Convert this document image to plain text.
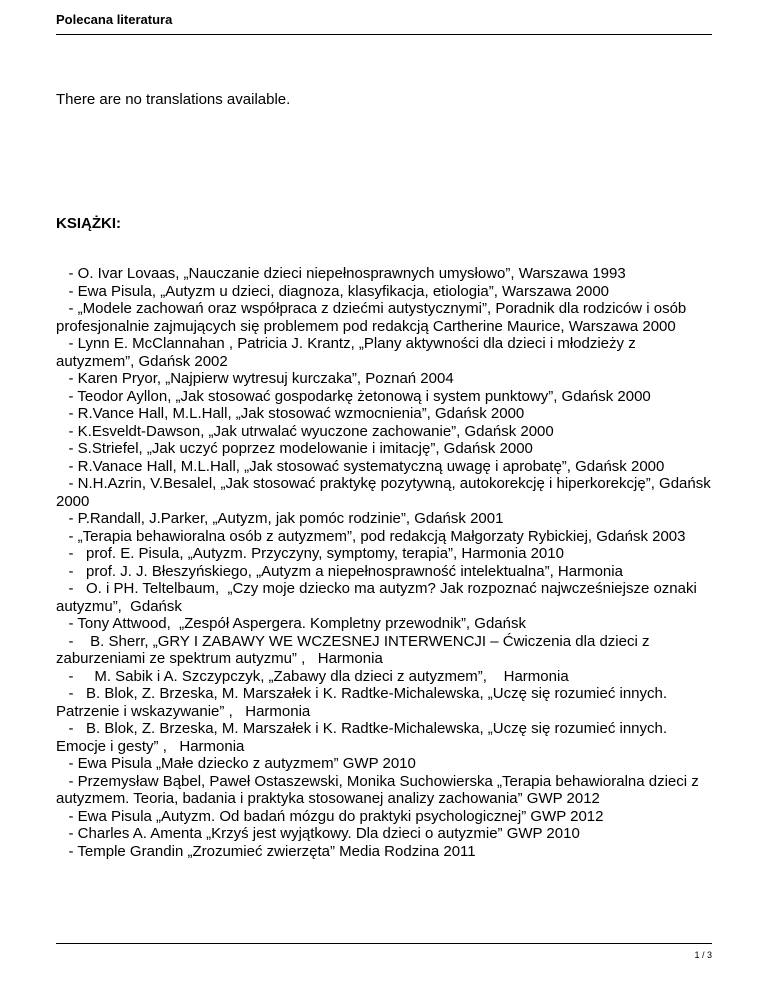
Polecana literatura
There are no translations available.
KSIĄŻKI:
- O. Ivar Lovaas, „Nauczanie dzieci niepełnosprawnych umysłowo”, Warszawa 1993
- Ewa Pisula, „Autyzm u dzieci, diagnoza, klasyfikacja, etiologia”, Warszawa 2000
- „Modele zachowań oraz współpraca z dziećmi autystycznymi”, Poradnik dla rodziców i osób profesjonalnie zajmujących się problemem pod redakcją Cartherine Maurice, Warszawa 2000
- Lynn E. McClannahan , Patricia J. Krantz, „Plany aktywności dla dzieci i młodzieży z autyzmem”, Gdańsk 2002
- Karen Pryor, „Najpierw wytresuj kurczaka”, Poznań 2004
- Teodor Ayllon, „Jak stosować gospodarkę żetonową i system punktowy”, Gdańsk 2000
- R.Vance Hall, M.L.Hall, „Jak stosować wzmocnienia”, Gdańsk 2000
- K.Esveldt-Dawson, „Jak utrwalać wyuczone zachowanie”, Gdańsk 2000
- S.Striefel, „Jak uczyć poprzez modelowanie i imitację”, Gdańsk 2000
- R.Vanace Hall, M.L.Hall, „Jak stosować systematyczną uwagę i aprobatę”, Gdańsk 2000
- N.H.Azrin, V.Besalel, „Jak stosować praktykę pozytywną, autokorekcję i hiperkorekcję”, Gdańsk 2000
- P.Randall, J.Parker, „Autyzm, jak pomóc rodzinie”, Gdańsk 2001
- „Terapia behawioralna osób z autyzmem”, pod redakcją Małgorzaty Rybickiej, Gdańsk 2003
-   prof. E. Pisula, „Autyzm. Przyczyny, symptomy, terapia”, Harmonia 2010
-   prof. J. J. Błeszyńskiego, „Autyzm a niepełnosprawność intelektualna”, Harmonia
-   O. i PH. Teltelbaum,  „Czy moje dziecko ma autyzm? Jak rozpoznać najwcześniejsze oznaki autyzmu”,  Gdańsk
- Tony Attwood,  „Zespół Aspergera. Kompletny przewodnik”, Gdańsk
-    B. Sherr, „GRY I ZABAWY WE WCZESNEJ INTERWENCJI – Ćwiczenia dla dzieci z zaburzeniami ze spektrum autyzmu” ,   Harmonia
-     M. Sabik i A. Szczypczyk, „Zabawy dla dzieci z autyzmem”,    Harmonia
-   B. Blok, Z. Brzeska, M. Marszałek i K. Radtke-Michalewska, „Uczę się rozumieć innych. Patrzenie i wskazywanie” ,   Harmonia
-   B. Blok, Z. Brzeska, M. Marszałek i K. Radtke-Michalewska, „Uczę się rozumieć innych. Emocje i gesty” ,   Harmonia
- Ewa Pisula „Małe dziecko z autyzmem” GWP 2010
- Przemysław Bąbel, Paweł Ostaszewski, Monika Suchowierska „Terapia behawioralna dzieci z autyzmem. Teoria, badania i praktyka stosowanej analizy zachowania” GWP 2012
- Ewa Pisula „Autyzm. Od badań mózgu do praktyki psychologicznej” GWP 2012
- Charles A. Amenta „Krzyś jest wyjątkowy. Dla dzieci o autyzmie” GWP 2010
- Temple Grandin „Zrozumieć zwierzęta” Media Rodzina 2011
1 / 3
